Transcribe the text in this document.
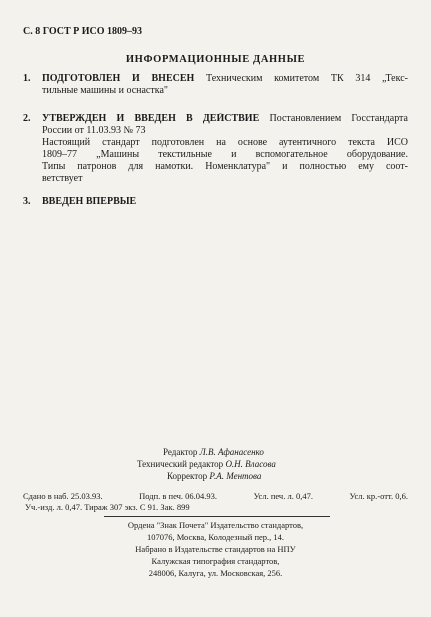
С. 8 ГОСТ Р ИСО 1809–93
ИНФОРМАЦИОННЫЕ ДАННЫЕ
1. ПОДГОТОВЛЕН И ВНЕСЕН Техническим комитетом ТК 314 „Текс-
тильные машины и оснастка"
2. УТВЕРЖДЕН И ВВЕДЕН В ДЕЙСТВИЕ Постановлением Госстандарта
России от 11.03.93 № 73
Настоящий стандарт подготовлен на основе аутентичного текста ИСО
1809–77 „Машины текстильные и вспомогательное оборудование.
Типы патронов для намотки. Номенклатура" и полностью ему соот-
ветствует
3. ВВЕДЕН ВПЕРВЫЕ
Редактор Л.В. Афанасенко
Технический редактор О.Н. Власова
Корректор Р.А. Ментова
Сдано в наб. 25.03.93.	Подп. в печ. 06.04.93.	Усл. печ. л. 0,47.	Усл. кр.-отт. 0,6.
Уч.-изд. л. 0,47. Тираж 307 экз. С 91. Зак. 899
Ордена "Знак Почета" Издательство стандартов,
107076, Москва, Колодезный пер., 14.
Набрано в Издательстве стандартов на НПУ
Калужская типография стандартов,
248006, Калуга, ул. Московская, 256.
